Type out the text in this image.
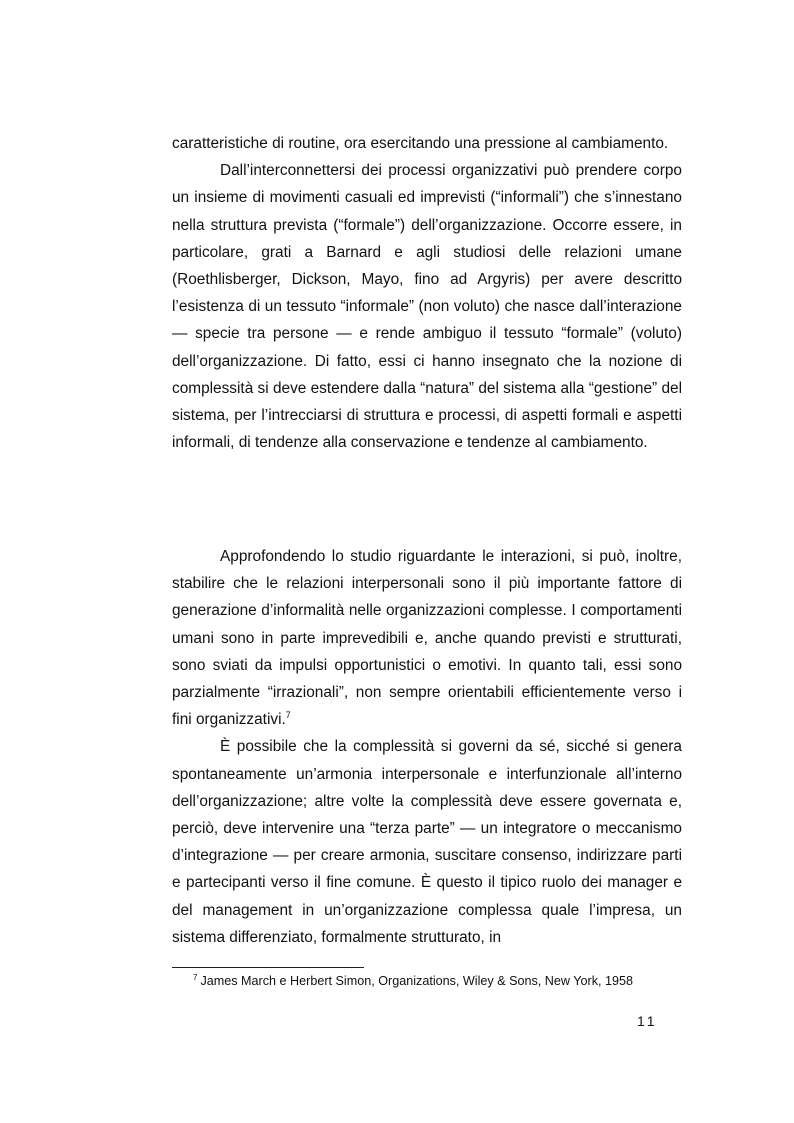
caratteristiche di routine, ora esercitando una pressione al cambiamento.

Dall’interconnettersi dei processi organizzativi può prendere corpo un insieme di movimenti casuali ed imprevisti (“informali”) che s’innestano nella struttura prevista (“formale”) dell’organizzazione. Occorre essere, in particolare, grati a Barnard e agli studiosi delle relazioni umane (Roethlisberger, Dickson, Mayo, fino ad Argyris) per avere descritto l’esistenza di un tessuto “informale” (non voluto) che nasce dall’interazione — specie tra persone — e rende ambiguo il tessuto “formale” (voluto) dell’organizzazione. Di fatto, essi ci hanno insegnato che la nozione di complessità si deve estendere dalla “natura” del sistema alla “gestione” del sistema, per l’intrecciarsi di struttura e processi, di aspetti formali e aspetti informali, di tendenze alla conservazione e tendenze al cambiamento.

Approfondendo lo studio riguardante le interazioni, si può, inoltre, stabilire che le relazioni interpersonali sono il più importante fattore di generazione d’informalità nelle organizzazioni complesse. I comportamenti umani sono in parte imprevedibili e, anche quando previsti e strutturati, sono sviati da impulsi opportunistici o emotivi. In quanto tali, essi sono parzialmente “irrazionali”, non sempre orientabili efficientemente verso i fini organizzativi.$^7$

È possibile che la complessità si governi da sé, sicché si genera spontaneamente un’armonia interpersonale e interfunzionale all’interno dell’organizzazione; altre volte la complessità deve essere governata e, perciò, deve intervenire una “terza parte” — un integratore o meccanismo d’integrazione — per creare armonia, suscitare consenso, indirizzare parti e partecipanti verso il fine comune. È questo il tipico ruolo dei manager e del management in un’organizzazione complessa quale l’impresa, un sistema differenziato, formalmente strutturato, in

$^7$ James March e Herbert Simon, Organizations, Wiley & Sons, New York, 1958
11
